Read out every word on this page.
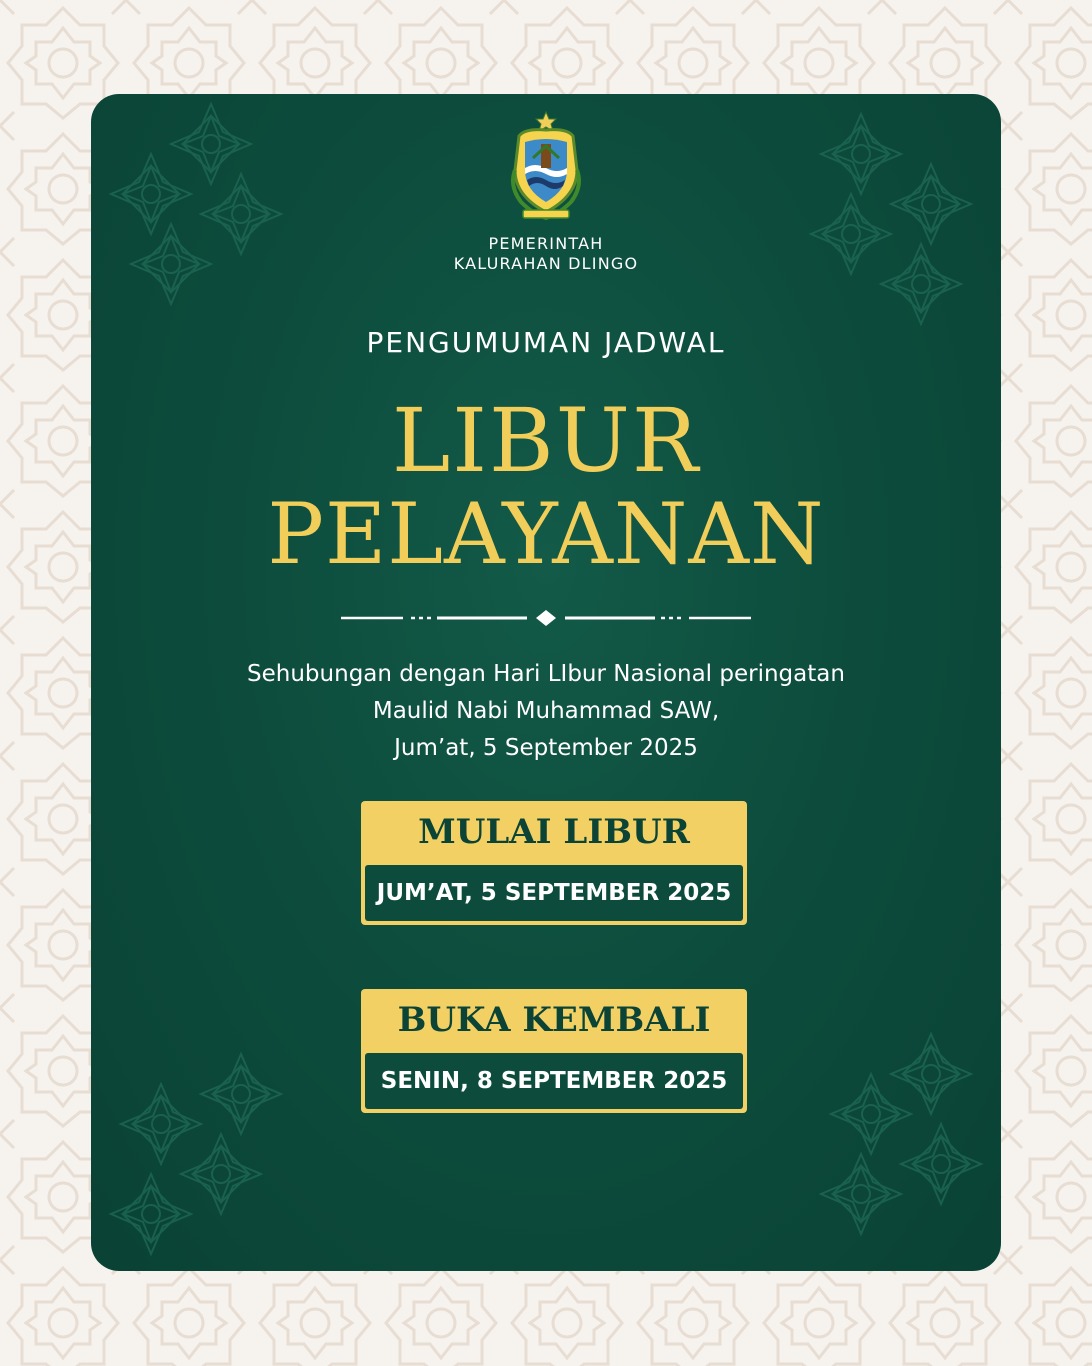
PEMERINTAH
KALURAHAN DLINGO
PENGUMUMAN JADWAL
LIBUR
PELAYANAN
Sehubungan dengan Hari LIbur Nasional peringatan
Maulid Nabi Muhammad SAW,
Jum’at, 5 September 2025
MULAI LIBUR
JUM’AT, 5 SEPTEMBER 2025
BUKA KEMBALI
SENIN, 8 SEPTEMBER 2025
